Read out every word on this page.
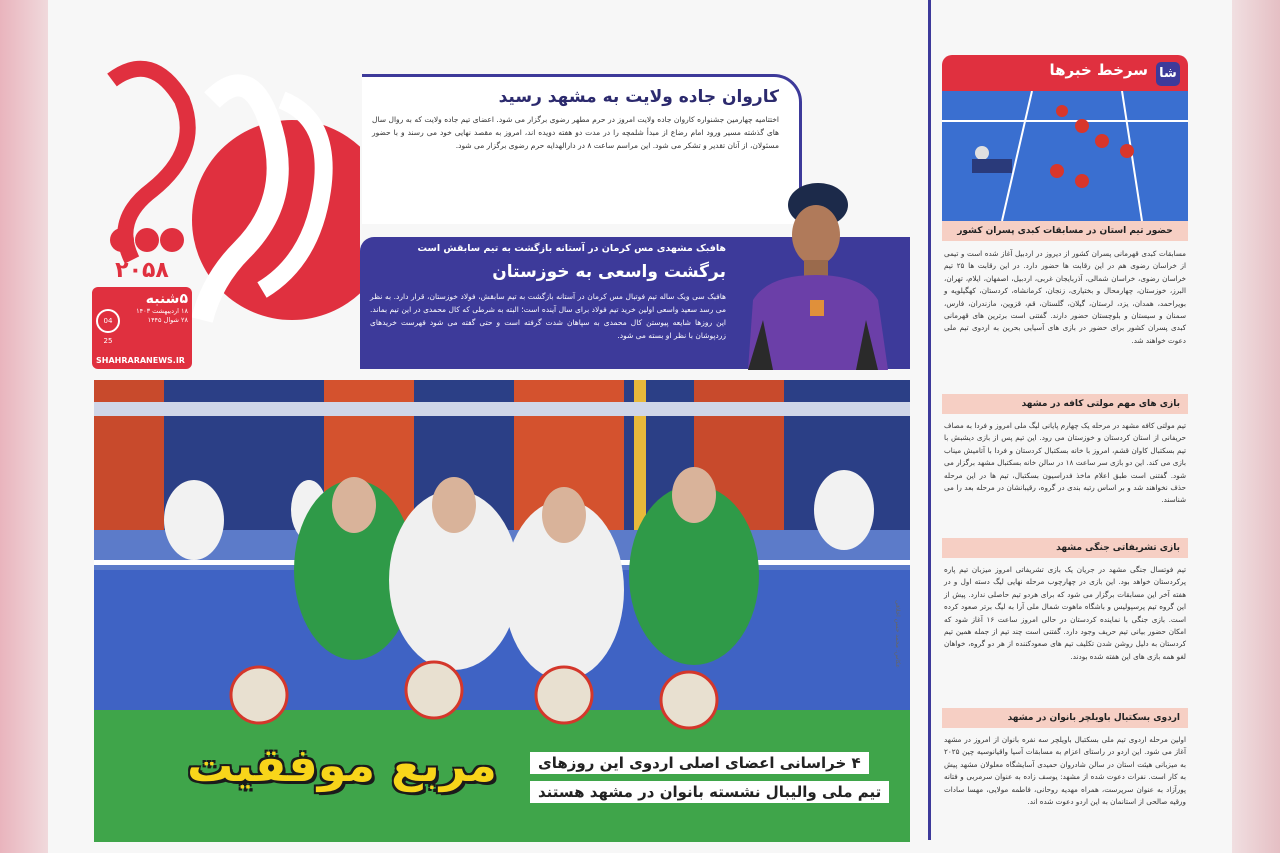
۲۰۵۸
۵شنبه
۱۸ اردیبهشت ۱۴۰۳
۲۸ شوال ۱۴۴۵
04 25
SHAHRARANEWS.IR
کاروان جاده ولایت به مشهد رسید

اختتامیه چهارمین جشنواره کاروان جاده ولایت امروز در حرم مطهر رضوی برگزار می شود. اعضای تیم جاده ولایت که به روال سال های گذشته مسیر ورود امام رضاع از مبدأ شلمچه را در مدت دو هفته دویده اند، امروز به مقصد نهایی خود می رسند و با حضور مسئولان، از آنان تقدیر و تشکر می شود. این مراسم ساعت ۸ در دارالهدایه حرم رضوی برگزار می شود.

هافبک مشهدی مس کرمان در آستانه بازگشت به تیم سابقش است
برگشت واسعی به خوزستان

هافبک سی ویک ساله تیم فوتبال مس کرمان در آستانه بازگشت به تیم سابقش، فولاد خوزستان، قرار دارد. به نظر می رسد سعید واسعی اولین خرید تیم فولاد برای سال آینده است؛ البته به شرطی که کال محمدی در این تیم بماند. این روزها شایعه پیوستن کال محمدی به سپاهان شدت گرفته است و حتی گفته می شود فهرست خریدهای زردپوشان با نظر او بسته می شود.

عکاس: محمد حسن اخلاقی
مربع موفقیت	۴ خراسانی اعضای اصلی اردوی این روزهای
تیم ملی والیبال نشسته بانوان در مشهد هستند
شا
سرخط خبرها
حضور تیم استان در مسابقات کبدی پسران کشور
مسابقات کبدی قهرمانی پسران کشور از دیروز در اردبیل آغاز شده است و تیمی از خراسان رضوی هم در این رقابت ها حضور دارد. در این رقابت ها ۲۵ تیم خراسان رضوی، خراسان شمالی، آذربایجان غربی، اردبیل، اصفهان، ایلام، تهران، البرز، خوزستان، چهارمحال و بختیاری، زنجان، کرمانشاه، کردستان، کهگیلویه و بویراحمد، همدان، یزد، لرستان، گیلان، گلستان، قم، قزوین، مازندران، فارس، سمنان و سیستان و بلوچستان حضور دارند. گفتنی است برترین های قهرمانی کبدی پسران کشور برای حضور در بازی های آسیایی بحرین به اردوی تیم ملی دعوت خواهند شد.
بازی های مهم مولتی کافه در مشهد
تیم مولتی کافه مشهد در مرحله یک چهارم پایانی لیگ ملی امروز و فردا به مصاف حریفانی از استان کردستان و خوزستان می رود. این تیم پس از بازی دیشبش با تیم بسکتبال کاوان قشم، امروز با خانه بسکتبال کردستان و فردا با آتامیش میناب بازی می کند. این دو بازی سر ساعت ۱۸ در سالن خانه بسکتبال مشهد برگزار می شود. گفتنی است طبق اعلام ماخذ فدراسیون بسکتبال، تیم ها در این مرحله حذف نخواهند شد و بر اساس رتبه بندی در گروه، رقیبانشان در مرحله بعد را می شناسند.
بازی تشریفاتی جنگی مشهد
تیم فوتسال جنگی مشهد در جریان یک بازی تشریفاتی امروز میزبان تیم پاره پرکردستان خواهد بود. این بازی در چهارچوب مرحله نهایی لیگ دسته اول و در هفته آخر این مسابقات برگزار می شود که برای هردو تیم حاصلی ندارد. پیش از این گروه تیم پرسپولیس و باشگاه ماهوت شمال ملی آرا به لیگ برتر صعود کرده است. بازی جنگی با نماینده کردستان در حالی امروز ساعت ۱۶ آغاز شود که امکان حضور بیانی تیم حریف وجود دارد. گفتنی است چند تیم از جمله همین تیم کردستان به دلیل روشن شدن تکلیف تیم های صعودکننده از هر دو گروه، خواهان لغو همه بازی های این هفته شده بودند.
اردوی بسکتبال باویلچر بانوان در مشهد
اولین مرحله اردوی تیم ملی بسکتبال باویلچر سه نفره بانوان از امروز در مشهد آغاز می شود. این اردو در راستای اعزام به مسابقات آسیا واقیانوسیه چین ۲۰۲۵ به میزبانی هیئت استان در سالن شادروان حمیدی آسایشگاه معلولان مشهد پیش به کار است. نفرات دعوت شده از مشهد: یوسف زاده به عنوان سرمربی و فتانه پورآزاد به عنوان سرپرست، همراه مهدیه روحانی، فاطمه مولایی، مهسا سادات ورقیه صالحی از استانمان به این اردو دعوت شده اند.
